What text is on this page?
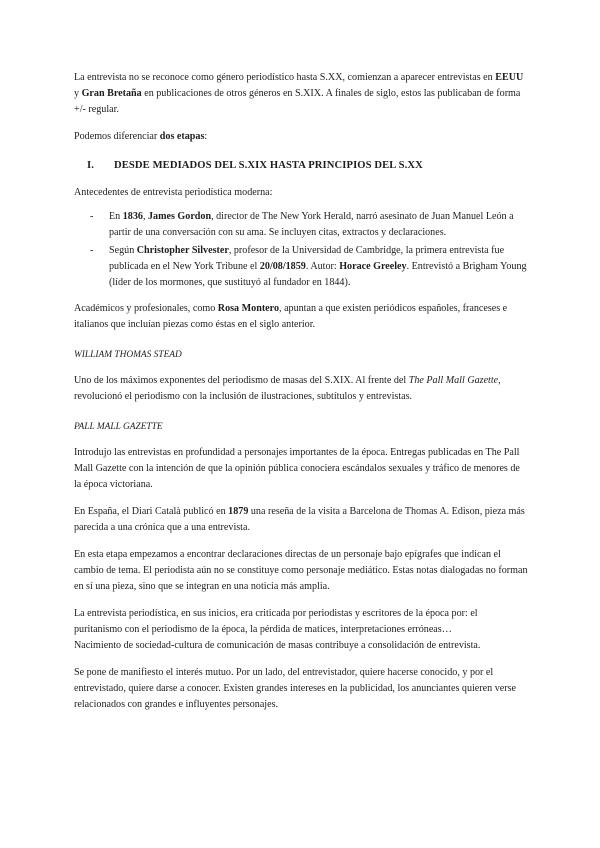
La entrevista no se reconoce como género periodístico hasta S.XX, comienzan a aparecer entrevistas en EEUU y Gran Bretaña en publicaciones de otros géneros en S.XIX. A finales de siglo, estos las publicaban de forma +/- regular.

Podemos diferenciar dos etapas:

I.	DESDE MEDIADOS DEL S.XIX HASTA PRINCIPIOS DEL S.XX

Antecedentes de entrevista periodística moderna:

- En 1836, James Gordon, director de The New York Herald, narró asesinato de Juan Manuel León a partir de una conversación con su ama. Se incluyen citas, extractos y declaraciones.
- Según Christopher Silvester, profesor de la Universidad de Cambridge, la primera entrevista fue publicada en el New York Tribune el 20/08/1859. Autor: Horace Greeley. Entrevistó a Brigham Young (líder de los mormones, que sustituyó al fundador en 1844).

Académicos y profesionales, como Rosa Montero, apuntan a que existen periódicos españoles, franceses e italianos que incluían piezas como éstas en el siglo anterior.

WILLIAM THOMAS STEAD

Uno de los máximos exponentes del periodismo de masas del S.XIX. Al frente del The Pall Mall Gazette, revolucionó el periodismo con la inclusión de ilustraciones, subtítulos y entrevistas.

PALL MALL GAZETTE

Introdujo las entrevistas en profundidad a personajes importantes de la época. Entregas publicadas en The Pall Mall Gazette con la intención de que la opinión pública conociera escándalos sexuales y tráfico de menores de la época victoriana.

En España, el Diari Català publicó en 1879 una reseña de la visita a Barcelona de Thomas A. Edison, pieza más parecida a una crónica que a una entrevista.

En esta etapa empezamos a encontrar declaraciones directas de un personaje bajo epígrafes que indican el cambio de tema. El periodista aún no se constituye como personaje mediático. Estas notas dialogadas no forman en sí una pieza, sino que se integran en una noticia más amplia.

La entrevista periodística, en sus inicios, era criticada por periodistas y escritores de la época por: el puritanismo con el periodismo de la época, la pérdida de matices, interpretaciones erróneas…
Nacimiento de sociedad-cultura de comunicación de masas contribuye a consolidación de entrevista.

Se pone de manifiesto el interés mutuo. Por un lado, del entrevistador, quiere hacerse conocido, y por el entrevistado, quiere darse a conocer. Existen grandes intereses en la publicidad, los anunciantes quieren verse relacionados con grandes e influyentes personajes.
